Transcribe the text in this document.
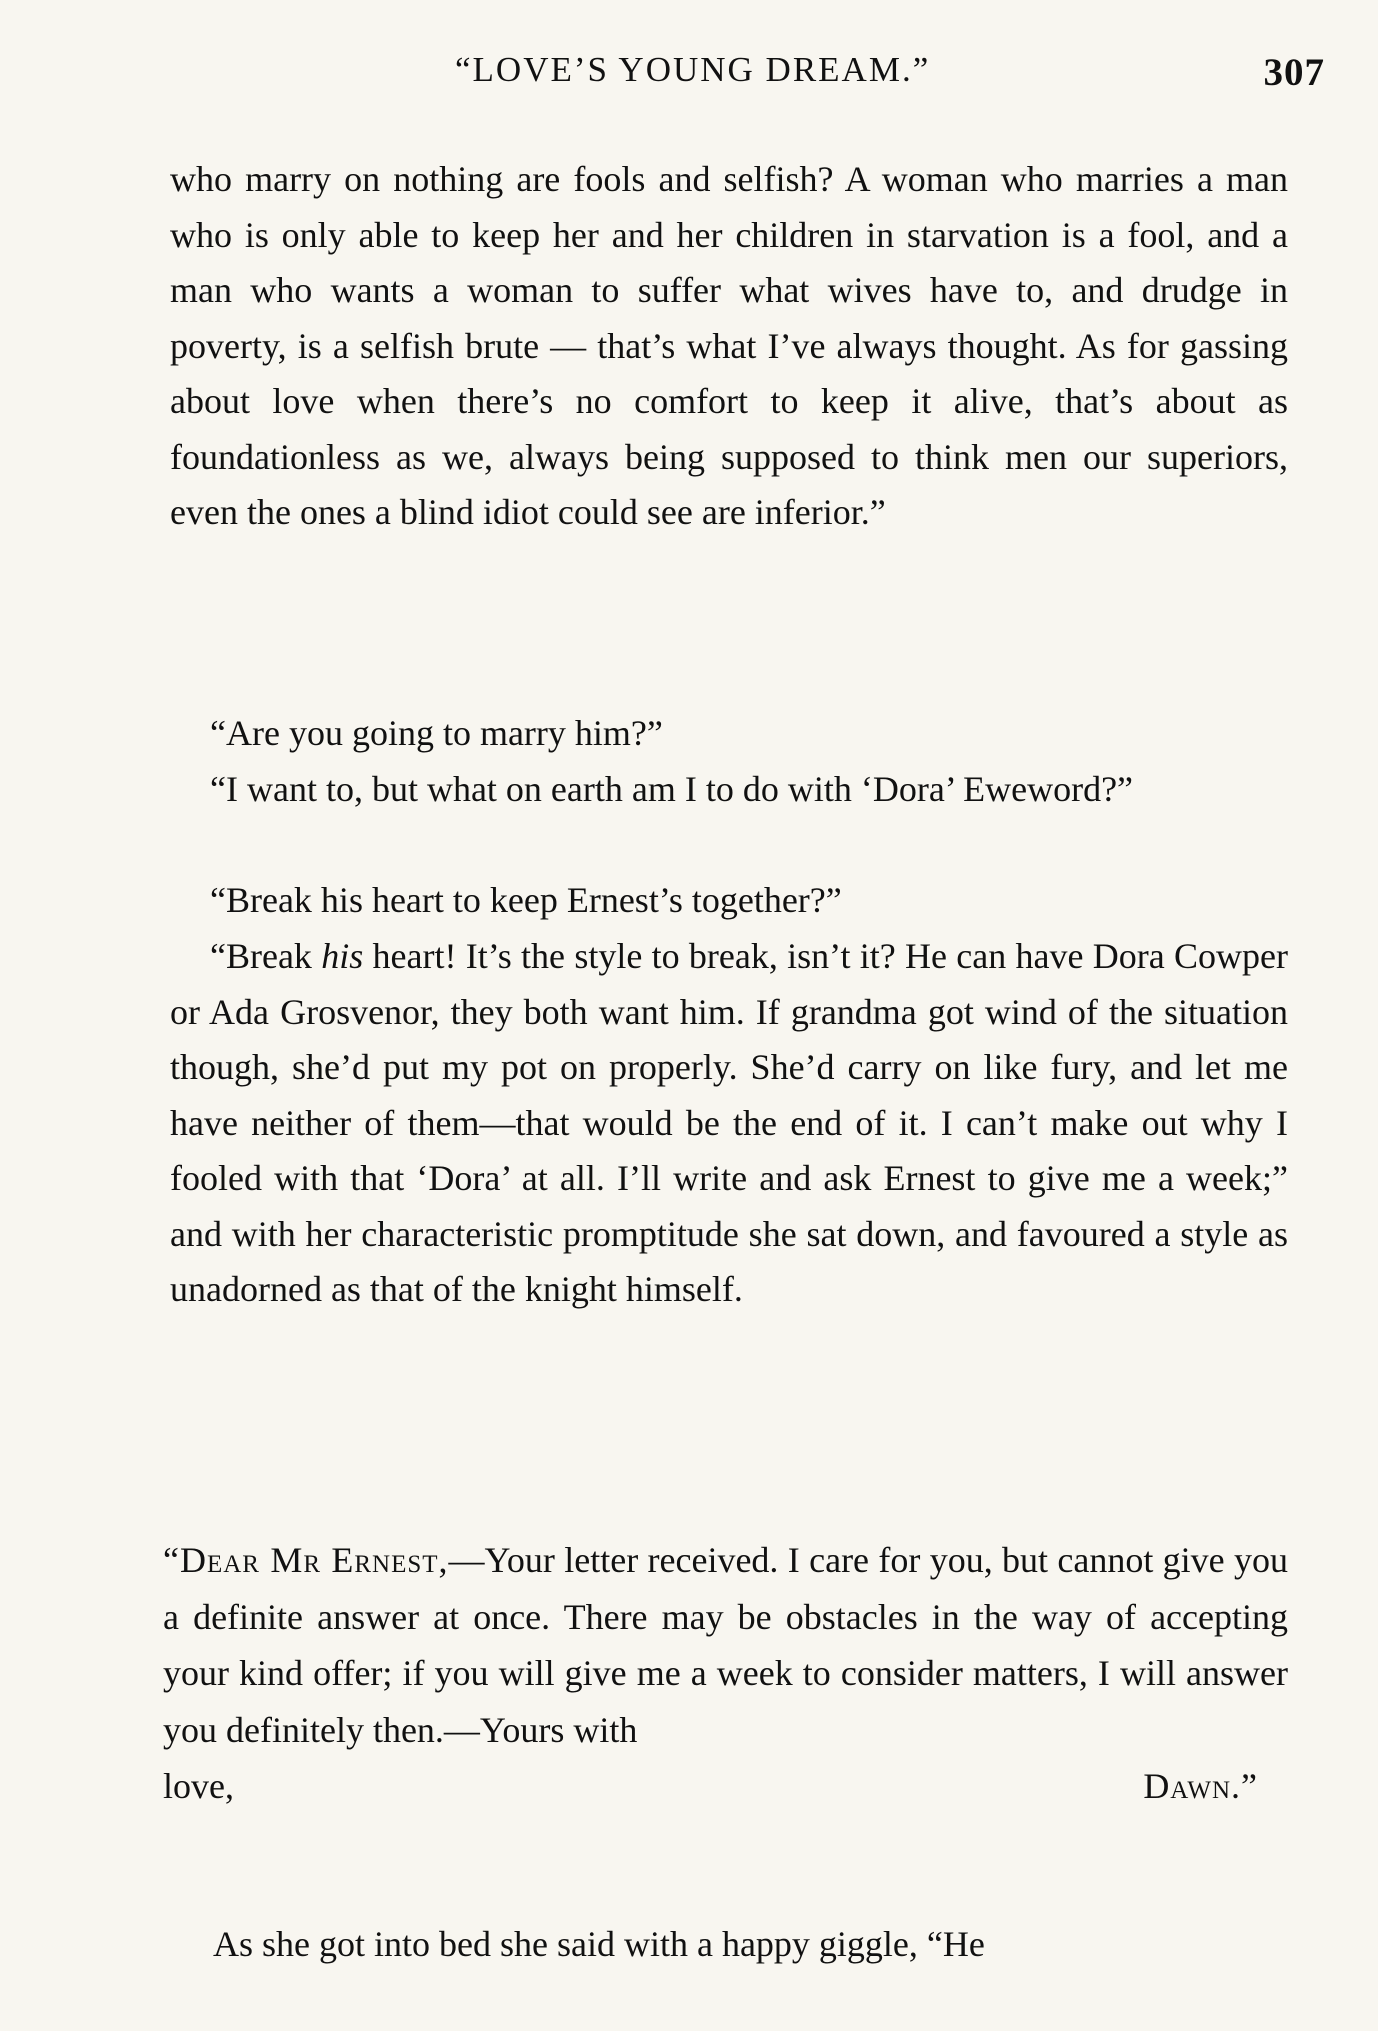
“LOVE’S YOUNG DREAM.”	307

who marry on nothing are fools and selfish? A woman who marries a man who is only able to keep her and her children in starvation is a fool, and a man who wants a woman to suffer what wives have to, and drudge in poverty, is a selfish brute — that’s what I’ve always thought. As for gassing about love when there’s no comfort to keep it alive, that’s about as foundationless as we, always being supposed to think men our superiors, even the ones a blind idiot could see are inferior.”

“Are you going to marry him?”

“I want to, but what on earth am I to do with ‘Dora’ Eweword?”

“Break his heart to keep Ernest’s together?”

“Break his heart! It’s the style to break, isn’t it? He can have Dora Cowper or Ada Grosvenor, they both want him. If grandma got wind of the situation though, she’d put my pot on properly. She’d carry on like fury, and let me have neither of them—that would be the end of it. I can’t make out why I fooled with that ‘Dora’ at all. I’ll write and ask Ernest to give me a week;” and with her characteristic promptitude she sat down, and favoured a style as unadorned as that of the knight himself.

“Dear Mr Ernest,—Your letter received. I care for you, but cannot give you a definite answer at once. There may be obstacles in the way of accepting your kind offer; if you will give me a week to consider matters, I will answer you definitely then.—Yours with

love,	Dawn.”

As she got into bed she said with a happy giggle, “He
